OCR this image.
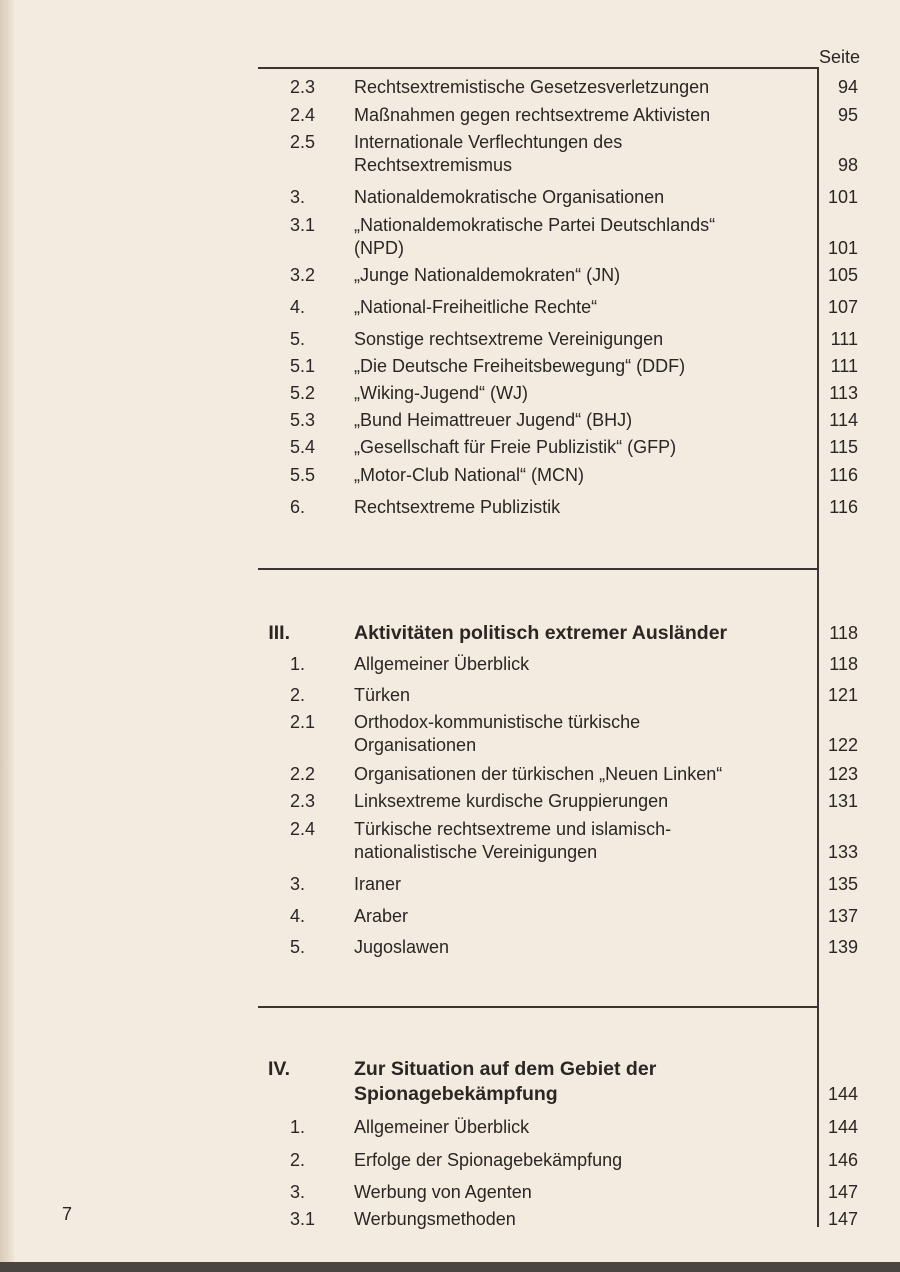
Seite
2.3 Rechtsextremistische Gesetzesverletzungen	94
2.4 Maßnahmen gegen rechtsextreme Aktivisten	95
2.5 Internationale Verflechtungen des
Rechtsextremismus	98
3.	Nationaldemokratische Organisationen	101
3.1 „Nationaldemokratische Partei Deutschlands“
(NPD)	101
3.2 „Junge Nationaldemokraten“ (JN)	105
4.	„National-Freiheitliche Rechte“	107
5.	Sonstige rechtsextreme Vereinigungen	111
5.1 „Die Deutsche Freiheitsbewegung“ (DDF)	111
5.2 „Wiking-Jugend“ (WJ)	113
5.3 „Bund Heimattreuer Jugend“ (BHJ)	114
5.4 „Gesellschaft für Freie Publizistik“ (GFP)	115
5.5 „Motor-Club National“ (MCN)	116
6.	Rechtsextreme Publizistik	116
III.	Aktivitäten politisch extremer Ausländer	118
1.	Allgemeiner Überblick	118
2.	Türken	121
2.1 Orthodox-kommunistische türkische
Organisationen	122
2.2 Organisationen der türkischen „Neuen Linken“	123
2.3 Linksextreme kurdische Gruppierungen	131
2.4 Türkische rechtsextreme und islamisch-
nationalistische Vereinigungen	133
3.	Iraner	135
4.	Araber	137
5.	Jugoslawen	139
IV.	Zur Situation auf dem Gebiet der
Spionagebekämpfung	144
1.	Allgemeiner Überblick	144
2.	Erfolge der Spionagebekämpfung	146
3.	Werbung von Agenten	147
3.1 Werbungsmethoden	147
7
